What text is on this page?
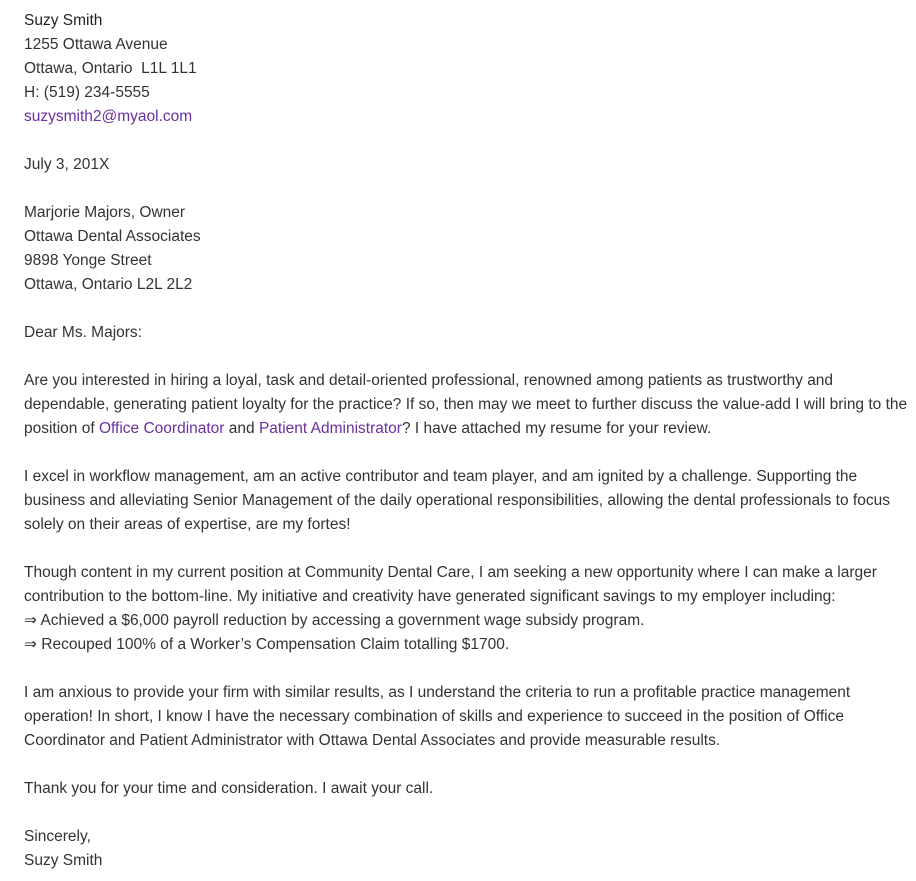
Suzy Smith
1255 Ottawa Avenue
Ottawa, Ontario  L1L 1L1
H: (519) 234-5555
suzysmith2@myaol.com
July 3, 201X
Marjorie Majors, Owner
Ottawa Dental Associates
9898 Yonge Street
Ottawa, Ontario L2L 2L2
Dear Ms. Majors:

Are you interested in hiring a loyal, task and detail-oriented professional, renowned among patients as trustworthy and dependable, generating patient loyalty for the practice? If so, then may we meet to further discuss the value-add I will bring to the position of Office Coordinator and Patient Administrator? I have attached my resume for your review.

I excel in workflow management, am an active contributor and team player, and am ignited by a challenge. Supporting the business and alleviating Senior Management of the daily operational responsibilities, allowing the dental professionals to focus solely on their areas of expertise, are my fortes!

Though content in my current position at Community Dental Care, I am seeking a new opportunity where I can make a larger contribution to the bottom-line. My initiative and creativity have generated significant savings to my employer including:

⇒ Achieved a $6,000 payroll reduction by accessing a government wage subsidy program.
⇒ Recouped 100% of a Worker’s Compensation Claim totalling $1700.

I am anxious to provide your firm with similar results, as I understand the criteria to run a profitable practice management operation! In short, I know I have the necessary combination of skills and experience to succeed in the position of Office Coordinator and Patient Administrator with Ottawa Dental Associates and provide measurable results.

Thank you for your time and consideration. I await your call.

Sincerely,
Suzy Smith
